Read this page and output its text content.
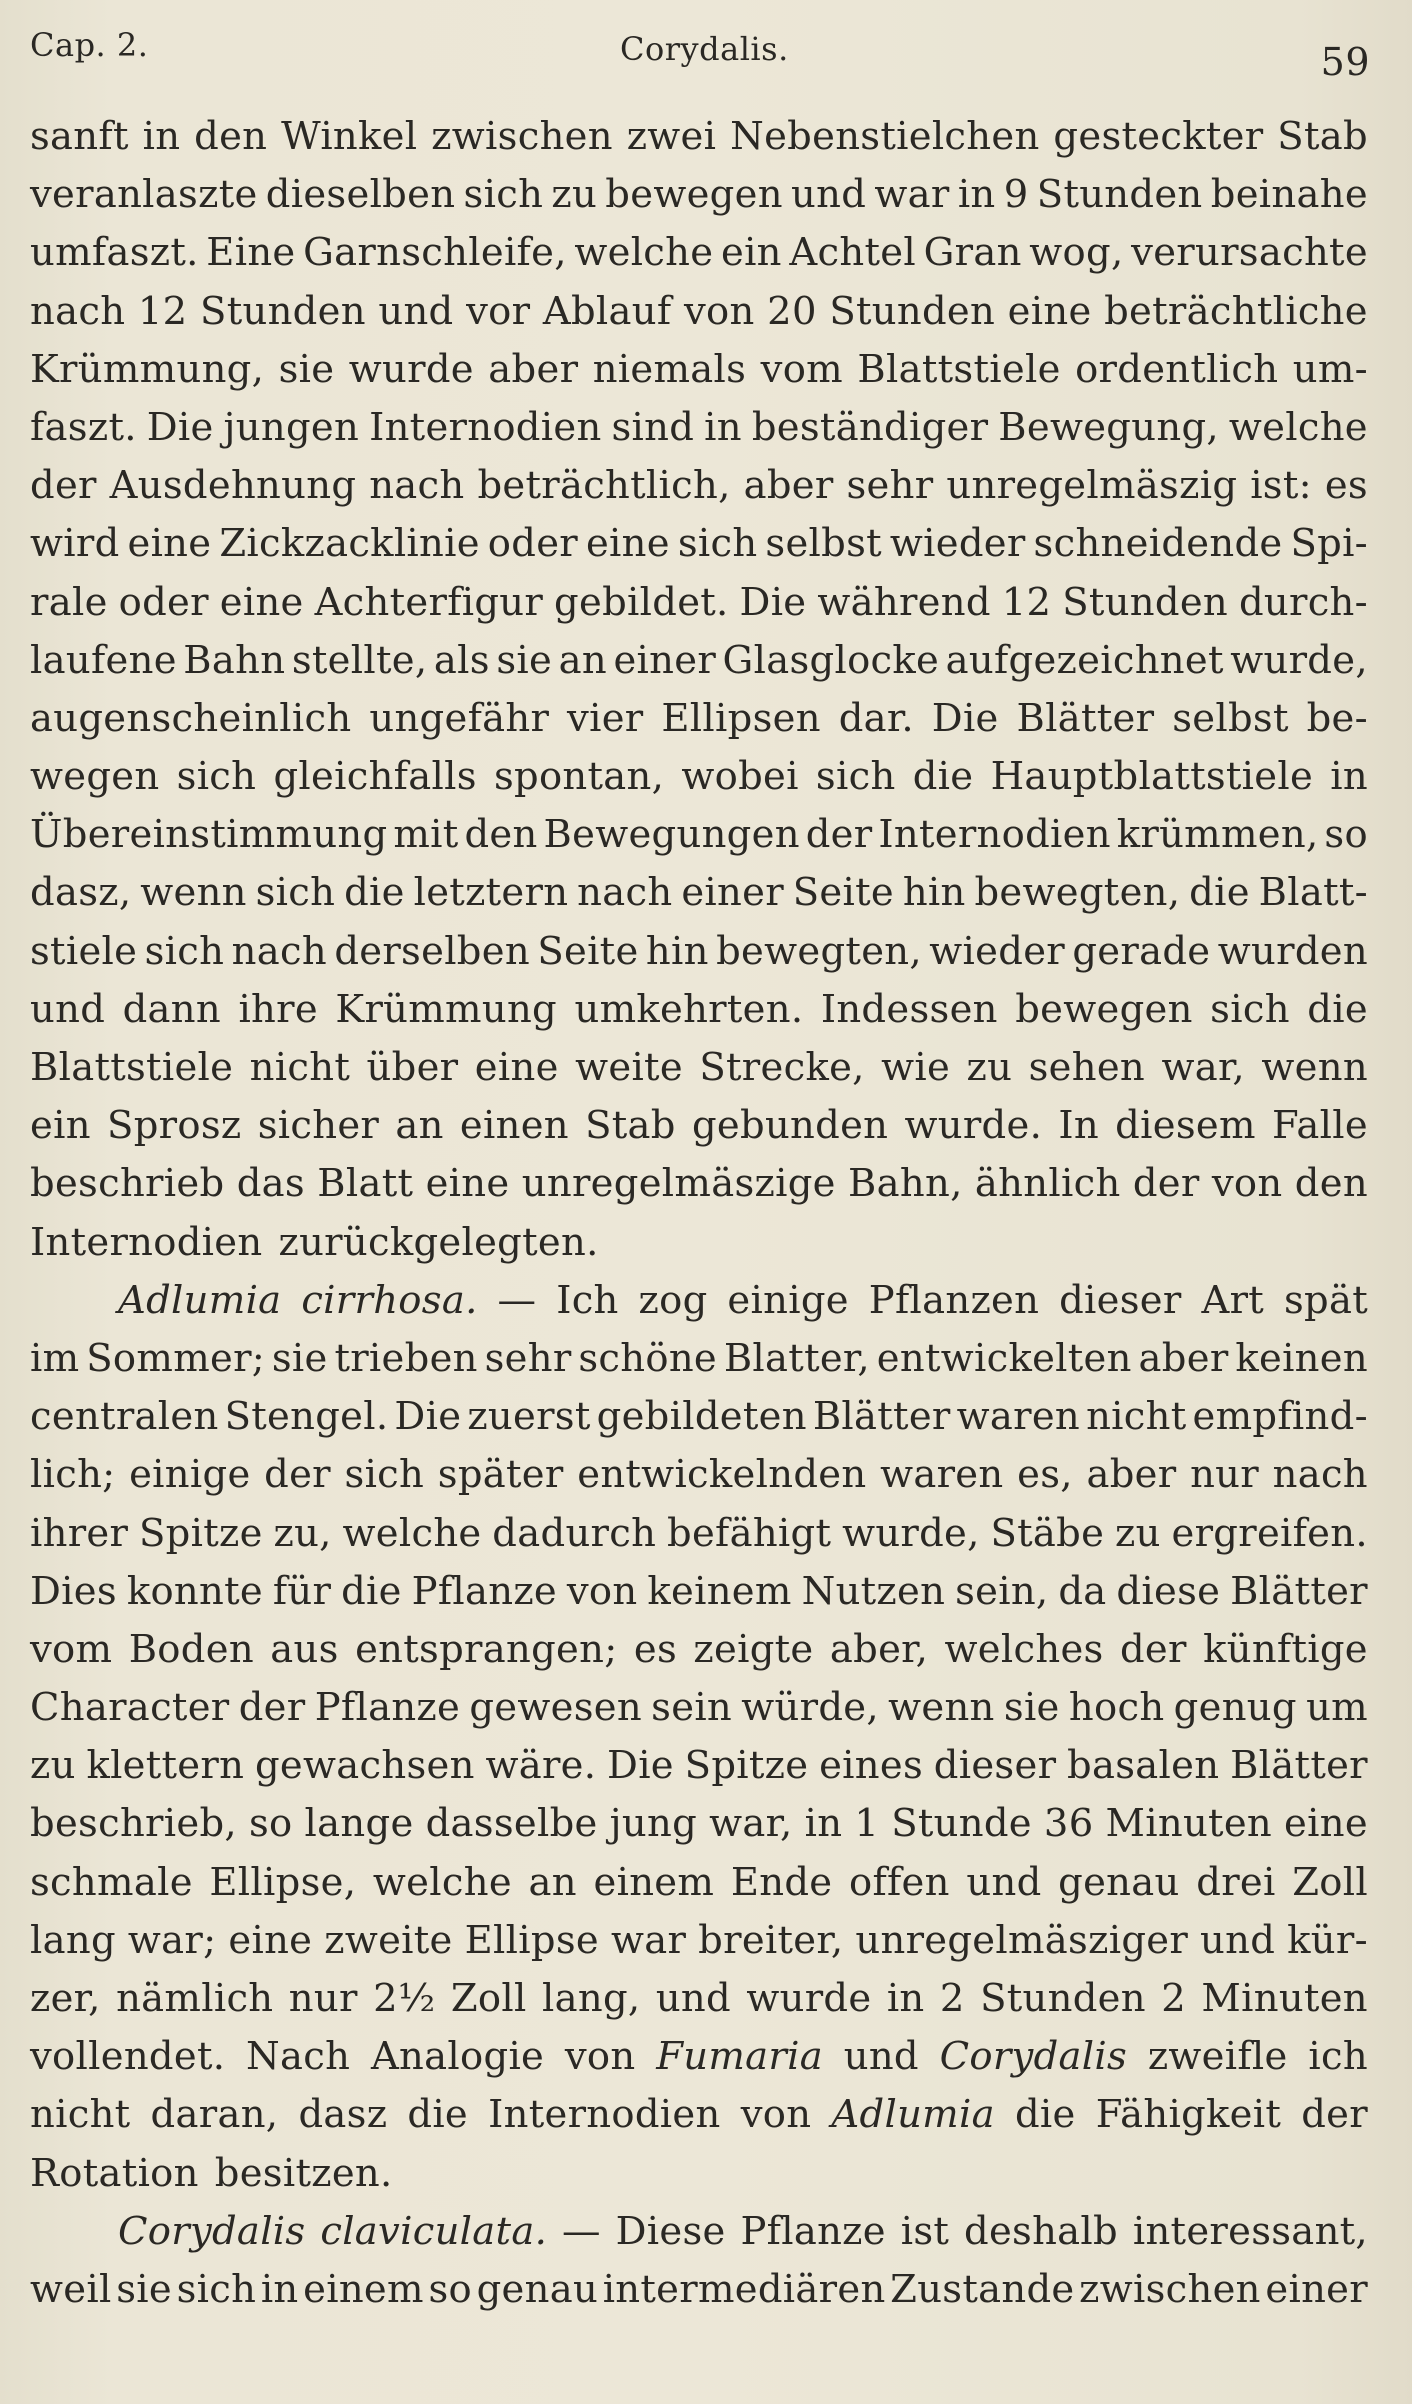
Cap. 2.	Corydalis.	59
sanft in den Winkel zwischen zwei Nebenstielchen gesteckter Stab
veranlaszte dieselben sich zu bewegen und war in 9 Stunden beinahe
umfaszt. Eine Garnschleife, welche ein Achtel Gran wog, verursachte
nach 12 Stunden und vor Ablauf von 20 Stunden eine beträchtliche
Krümmung, sie wurde aber niemals vom Blattstiele ordentlich um-
faszt. Die jungen Internodien sind in beständiger Bewegung, welche
der Ausdehnung nach beträchtlich, aber sehr unregelmäszig ist: es
wird eine Zickzacklinie oder eine sich selbst wieder schneidende Spi-
rale oder eine Achterfigur gebildet. Die während 12 Stunden durch-
laufene Bahn stellte, als sie an einer Glasglocke aufgezeichnet wurde,
augenscheinlich ungefähr vier Ellipsen dar. Die Blätter selbst be-
wegen sich gleichfalls spontan, wobei sich die Hauptblattstiele in
Übereinstimmung mit den Bewegungen der Internodien krümmen, so
dasz, wenn sich die letztern nach einer Seite hin bewegten, die Blatt-
stiele sich nach derselben Seite hin bewegten, wieder gerade wurden
und dann ihre Krümmung umkehrten. Indessen bewegen sich die
Blattstiele nicht über eine weite Strecke, wie zu sehen war, wenn
ein Sprosz sicher an einen Stab gebunden wurde. In diesem Falle
beschrieb das Blatt eine unregelmäszige Bahn, ähnlich der von den
Internodien zurückgelegten.
Adlumia cirrhosa. — Ich zog einige Pflanzen dieser Art spät
im Sommer; sie trieben sehr schöne Blatter, entwickelten aber keinen
centralen Stengel. Die zuerst gebildeten Blätter waren nicht empfind-
lich; einige der sich später entwickelnden waren es, aber nur nach
ihrer Spitze zu, welche dadurch befähigt wurde, Stäbe zu ergreifen.
Dies konnte für die Pflanze von keinem Nutzen sein, da diese Blätter
vom Boden aus entsprangen; es zeigte aber, welches der künftige
Character der Pflanze gewesen sein würde, wenn sie hoch genug um
zu klettern gewachsen wäre. Die Spitze eines dieser basalen Blätter
beschrieb, so lange dasselbe jung war, in 1 Stunde 36 Minuten eine
schmale Ellipse, welche an einem Ende offen und genau drei Zoll
lang war; eine zweite Ellipse war breiter, unregelmäsziger und kür-
zer, nämlich nur 2½ Zoll lang, und wurde in 2 Stunden 2 Minuten
vollendet. Nach Analogie von Fumaria und Corydalis zweifle ich
nicht daran, dasz die Internodien von Adlumia die Fähigkeit der
Rotation besitzen.
Corydalis claviculata. — Diese Pflanze ist deshalb interessant,
weil sie sich in einem so genau intermediären Zustande zwischen einer
